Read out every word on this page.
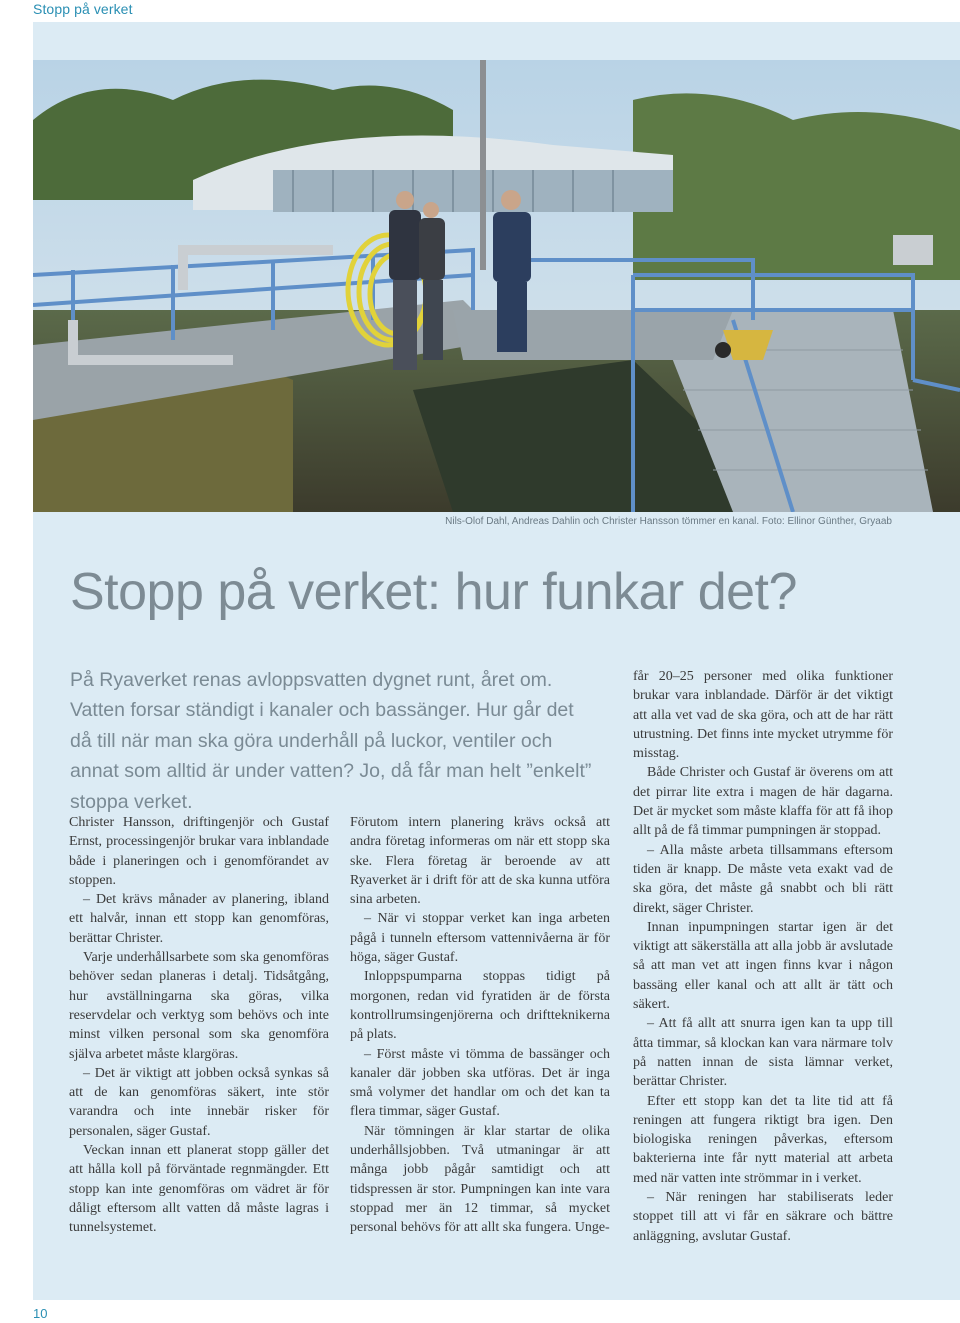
Stopp på verket
Nils-Olof Dahl, Andreas Dahlin och Christer Hansson tömmer en kanal. Foto: Ellinor Günther, Gryaab
Stopp på verket: hur funkar det?

På Ryaverket renas avloppsvatten dygnet runt, året om. Vatten forsar ständigt i kanaler och bassänger. Hur går det då till när man ska göra underhåll på luckor, ventiler och annat som alltid är under vatten? Jo, då får man helt ”enkelt” stoppa verket.

Christer Hansson, driftingenjör och Gustaf Ernst, processingenjör brukar vara inblandade både i planeringen och i genomförandet av stoppen.

– Det krävs månader av planering, ibland ett halvår, innan ett stopp kan genomföras, berättar Christer.

Varje underhållsarbete som ska genomföras behöver sedan planeras i detalj. Tidsåtgång, hur avställningarna ska göras, vilka reservdelar och verktyg som behövs och inte minst vilken personal som ska genomföra själva arbetet måste klargöras.

– Det är viktigt att jobben också synkas så att de kan genomföras säkert, inte stör varandra och inte innebär risker för personalen, säger Gustaf.

Veckan innan ett planerat stopp gäller det att hålla koll på förväntade regnmängder. Ett stopp kan inte genomföras om vädret är för dåligt eftersom allt vatten då måste lagras i tunnelsystemet.

Förutom intern planering krävs också att andra företag informeras om när ett stopp ska ske. Flera företag är beroende av att Ryaverket är i drift för att de ska kunna utföra sina arbeten.

– När vi stoppar verket kan inga arbeten pågå i tunneln eftersom vattennivåerna är för höga, säger Gustaf.

Inloppspumparna stoppas tidigt på morgonen, redan vid fyratiden är de första kontrollrumsingenjörerna och driftteknikerna på plats.

– Först måste vi tömma de bassänger och kanaler där jobben ska utföras. Det är inga små volymer det handlar om och det kan ta flera timmar, säger Gustaf.

När tömningen är klar startar de olika underhållsjobben. Två utmaningar är att många jobb pågår samtidigt och att tidspressen är stor. Pumpningen kan inte vara stoppad mer än 12 timmar, så mycket personal behövs för att allt ska fungera. Unge-

får 20–25 personer med olika funktioner brukar vara inblandade. Därför är det viktigt att alla vet vad de ska göra, och att de har rätt utrustning. Det finns inte mycket utrymme för misstag.

Både Christer och Gustaf är överens om att det pirrar lite extra i magen de här dagarna. Det är mycket som måste klaffa för att få ihop allt på de få timmar pumpningen är stoppad.

– Alla måste arbeta tillsammans eftersom tiden är knapp. De måste veta exakt vad de ska göra, det måste gå snabbt och bli rätt direkt, säger Christer.

Innan inpumpningen startar igen är det viktigt att säkerställa att alla jobb är avslutade så att man vet att ingen finns kvar i någon bassäng eller kanal och att allt är tätt och säkert.

– Att få allt att snurra igen kan ta upp till åtta timmar, så klockan kan vara närmare tolv på natten innan de sista lämnar verket, berättar Christer.

Efter ett stopp kan det ta lite tid att få reningen att fungera riktigt bra igen. Den biologiska reningen påverkas, eftersom bakterierna inte får nytt material att arbeta med när vatten inte strömmar in i verket.

– När reningen har stabiliserats leder stoppet till att vi får en säkrare och bättre anläggning, avslutar Gustaf.

10
